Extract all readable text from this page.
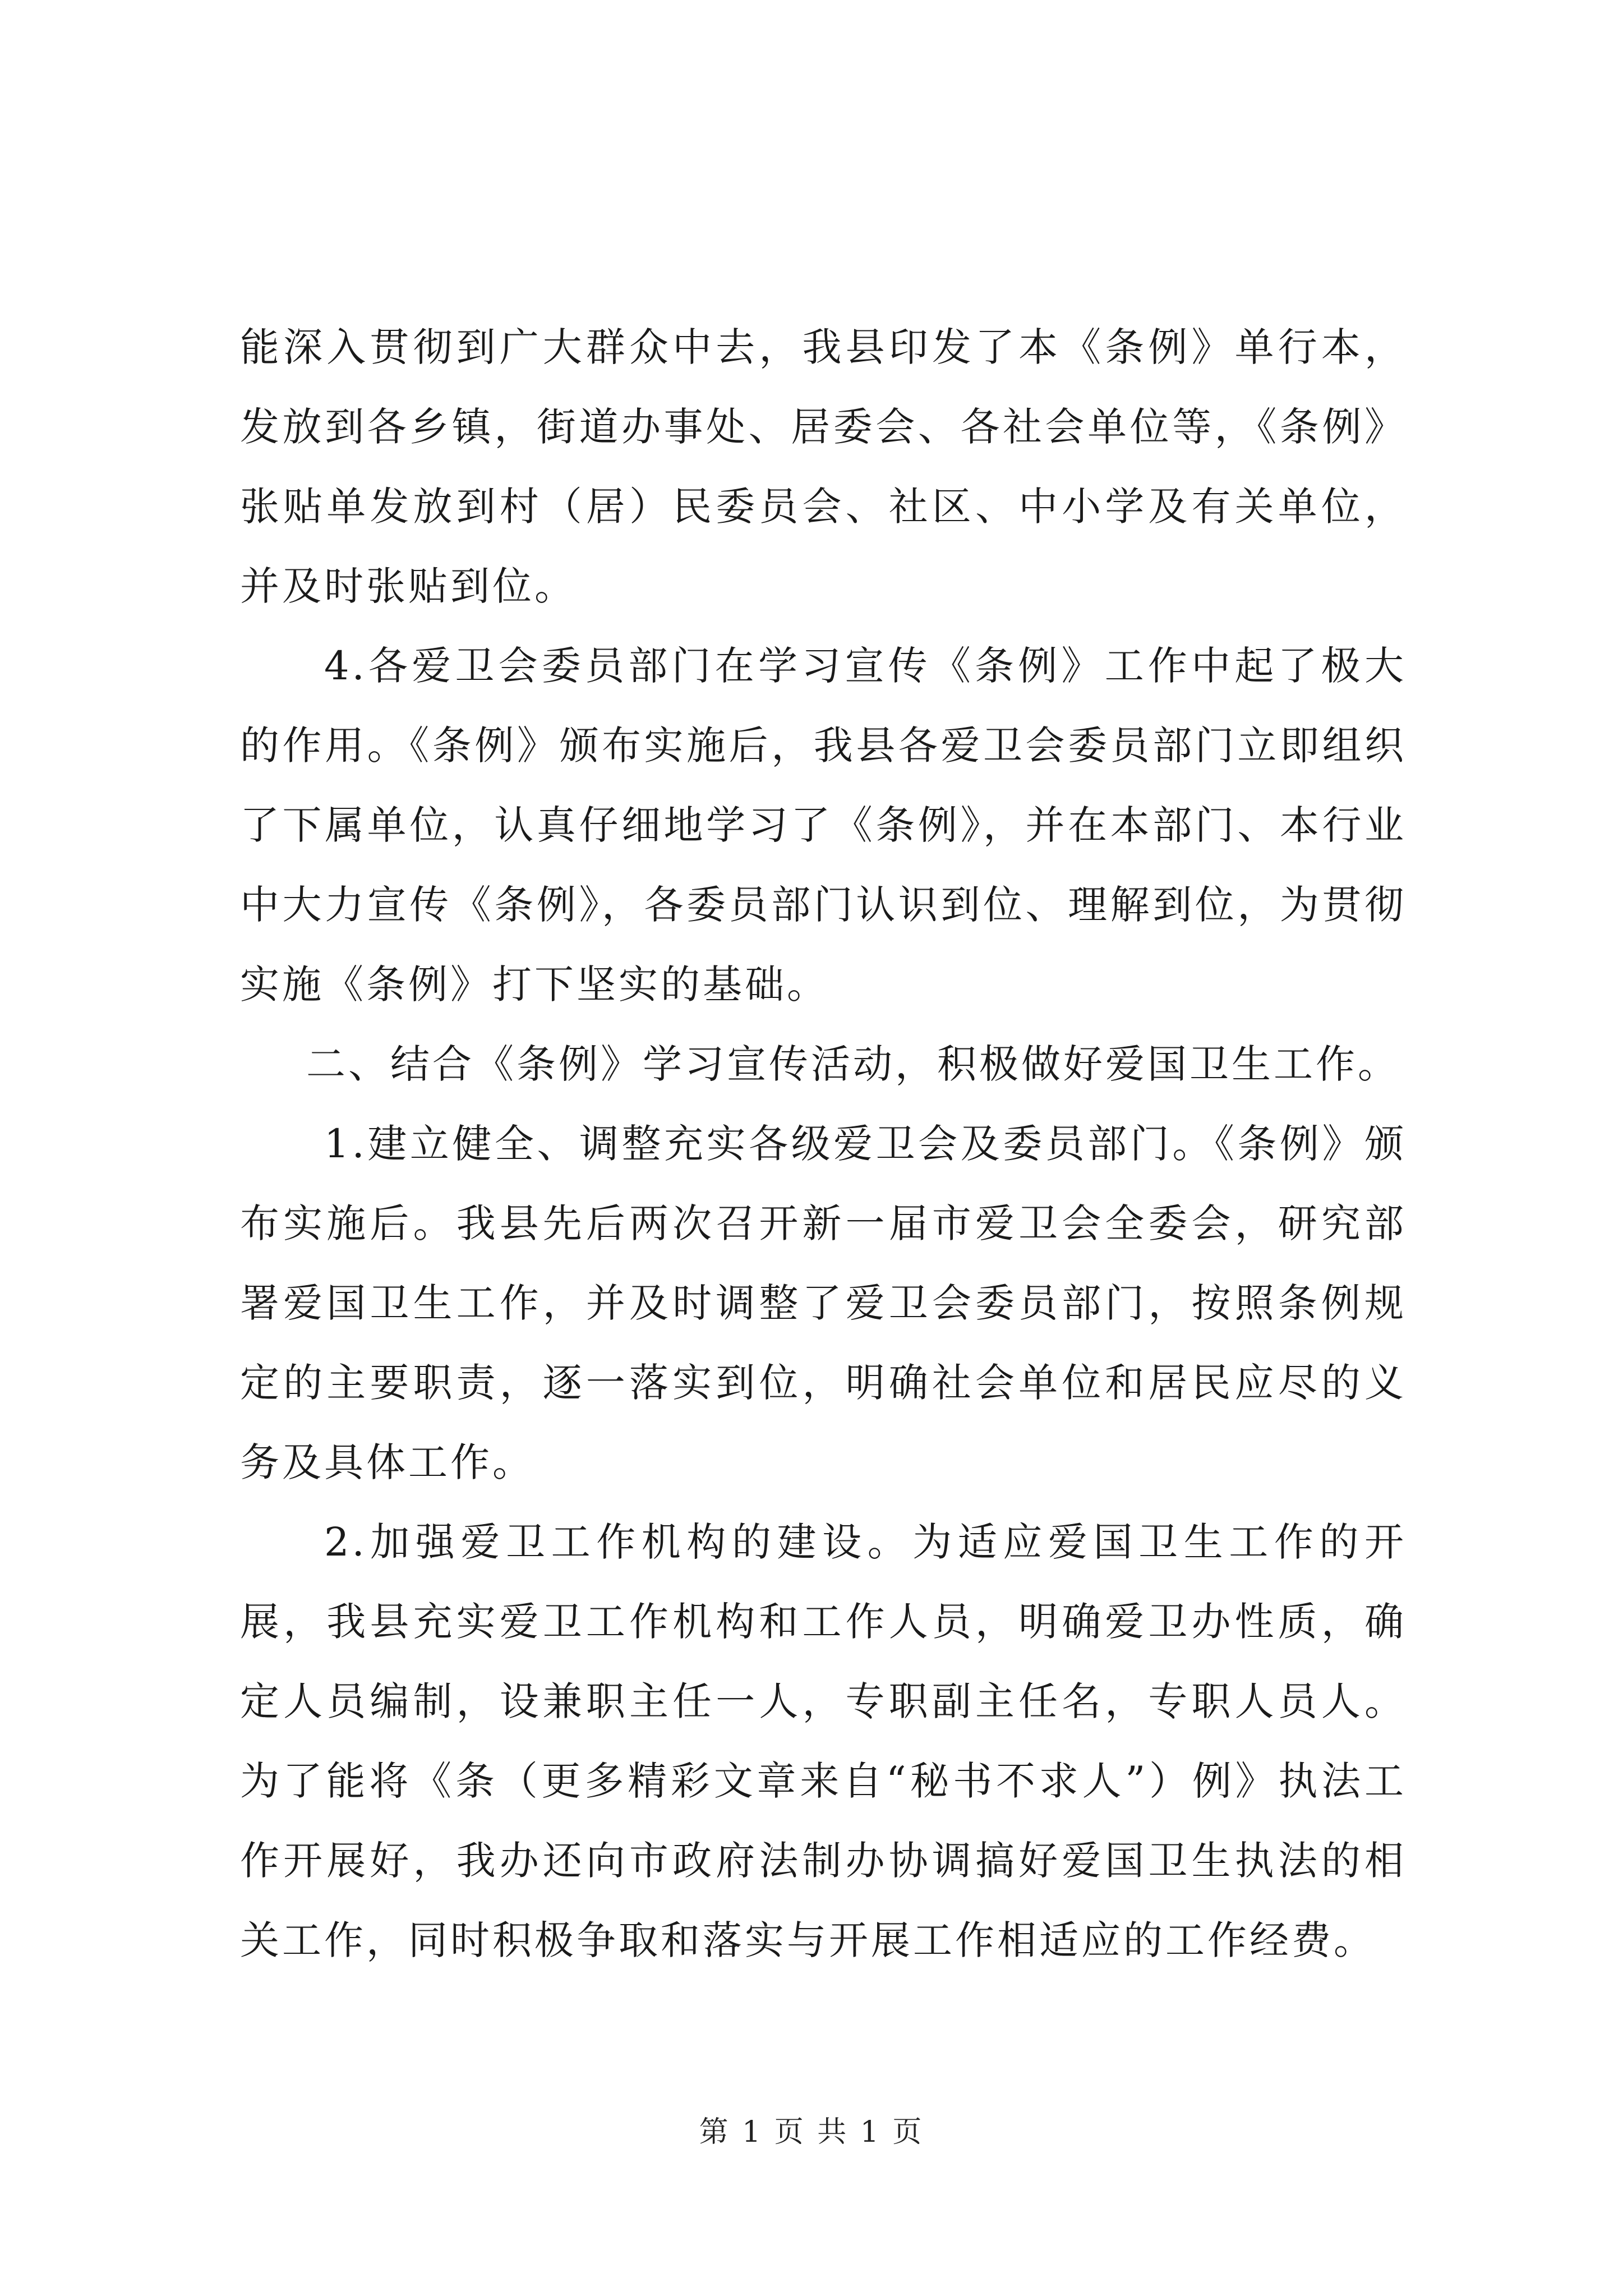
能深入贯彻到广大群众中去，我县印发了本《条例》单行本，发放到各乡镇，街道办事处、居委会、各社会单位等，《条例》张贴单发放到村（居）民委员会、社区、中小学及有关单位，并及时张贴到位。

4.各爱卫会委员部门在学习宣传《条例》工作中起了极大的作用。《条例》颁布实施后，我县各爱卫会委员部门立即组织了下属单位，认真仔细地学习了《条例》，并在本部门、本行业中大力宣传《条例》，各委员部门认识到位、理解到位，为贯彻实施《条例》打下坚实的基础。

二、结合《条例》学习宣传活动，积极做好爱国卫生工作。

1.建立健全、调整充实各级爱卫会及委员部门。《条例》颁布实施后。我县先后两次召开新一届市爱卫会全委会，研究部署爱国卫生工作，并及时调整了爱卫会委员部门，按照条例规定的主要职责，逐一落实到位，明确社会单位和居民应尽的义务及具体工作。

2.加强爱卫工作机构的建设。为适应爱国卫生工作的开展，我县充实爱卫工作机构和工作人员，明确爱卫办性质，确定人员编制，设兼职主任一人，专职副主任名，专职人员人。为了能将《条（更多精彩文章来自“秘书不求人”）例》执法工作开展好，我办还向市政府法制办协调搞好爱国卫生执法的相关工作，同时积极争取和落实与开展工作相适应的工作经费。

第 1 页 共 1 页
